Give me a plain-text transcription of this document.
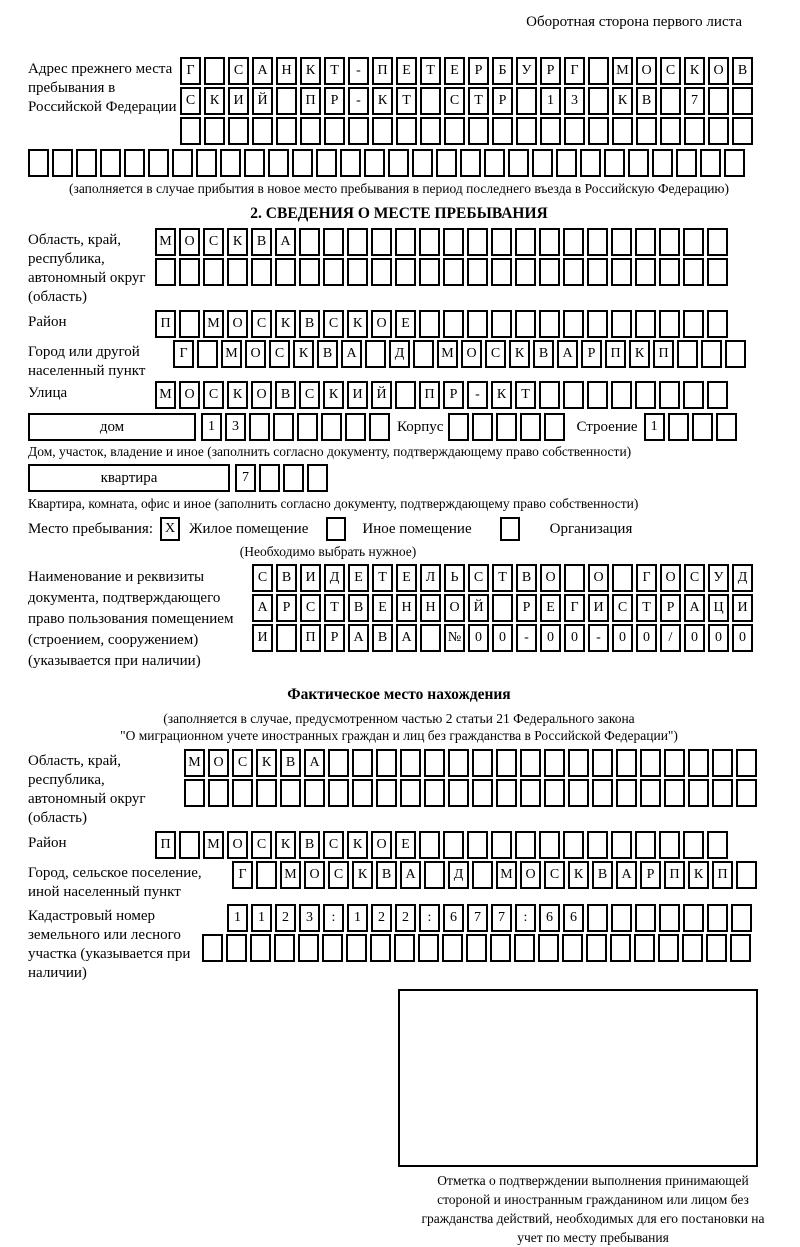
Оборотная сторона первого листа
Адрес прежнего места пребывания в Российской Федерации
Г	С	А Н	К	Т	-	П	Е	Т	Е	Р	Б	У	Р	Г	М О	С	К	О	В
С	К	И Й	П	Р	-	К	Т	С	Т	Р	1	3	К	В	7
(заполняется в случае прибытия в новое место пребывания в период последнего въезда в Российскую Федерацию)
2. СВЕДЕНИЯ О МЕСТЕ ПРЕБЫВАНИЯ
Область, край, республика, автономный округ (область)
М О	С	К	В	А
Район	П	М О	С	К	В	С	К	О	Е
Город или другой населенный пункт
Г	М О	С	К	В	А	Д	М О	С	К	В	А	Р	П	К	П
Улица	М О	С	К	О	В	С	К	И Й	П	Р	-	К	Т
дом	1	3	Корпус	Строение 1
Дом, участок, владение и иное (заполнить согласно документу, подтверждающему право собственности)
квартира	7
Квартира, комната, офис и иное (заполнить согласно документу, подтверждающему право собственности)
Место пребывания: X Жилое помещение	Иное помещение	Организация
(Необходимо выбрать нужное)
Наименование и реквизиты документа, подтверждающего право пользования помещением (строением, сооружением) (указывается при наличии)
С	В	И	Д	Е	Т	Е	Л	Ь	С	Т	В	О	О	Г	О	С	У	Д
А	Р	С	Т	В	Е	Н Н О Й	Р	Е	Г	И	С	Т	Р	А Ц И
И	П	Р	А	В	А	№ 0	0	-	0	0	-	0	0	/	0	0	0
Фактическое место нахождения
(заполняется в случае, предусмотренном частью 2 статьи 21 Федерального закона
"О миграционном учете иностранных граждан и лиц без гражданства в Российской Федерации")
Область, край, республика, автономный округ (область)
М О	С	К	В	А
Район	П	М О	С	К	В	С	К	О	Е
Город, сельское поселение, иной населенный пункт
Г	М О	С	К	В	А	Д	М О	С	К	В	А	Р	П	К	П
Кадастровый номер земельного или лесного участка (указывается при наличии)
1	1	2	3	:	1	2	2	:	6	7	7	:	6	6
Отметка о подтверждении выполнения принимающей стороной и иностранным гражданином или лицом без гражданства действий, необходимых для его постановки на учет по месту пребывания
